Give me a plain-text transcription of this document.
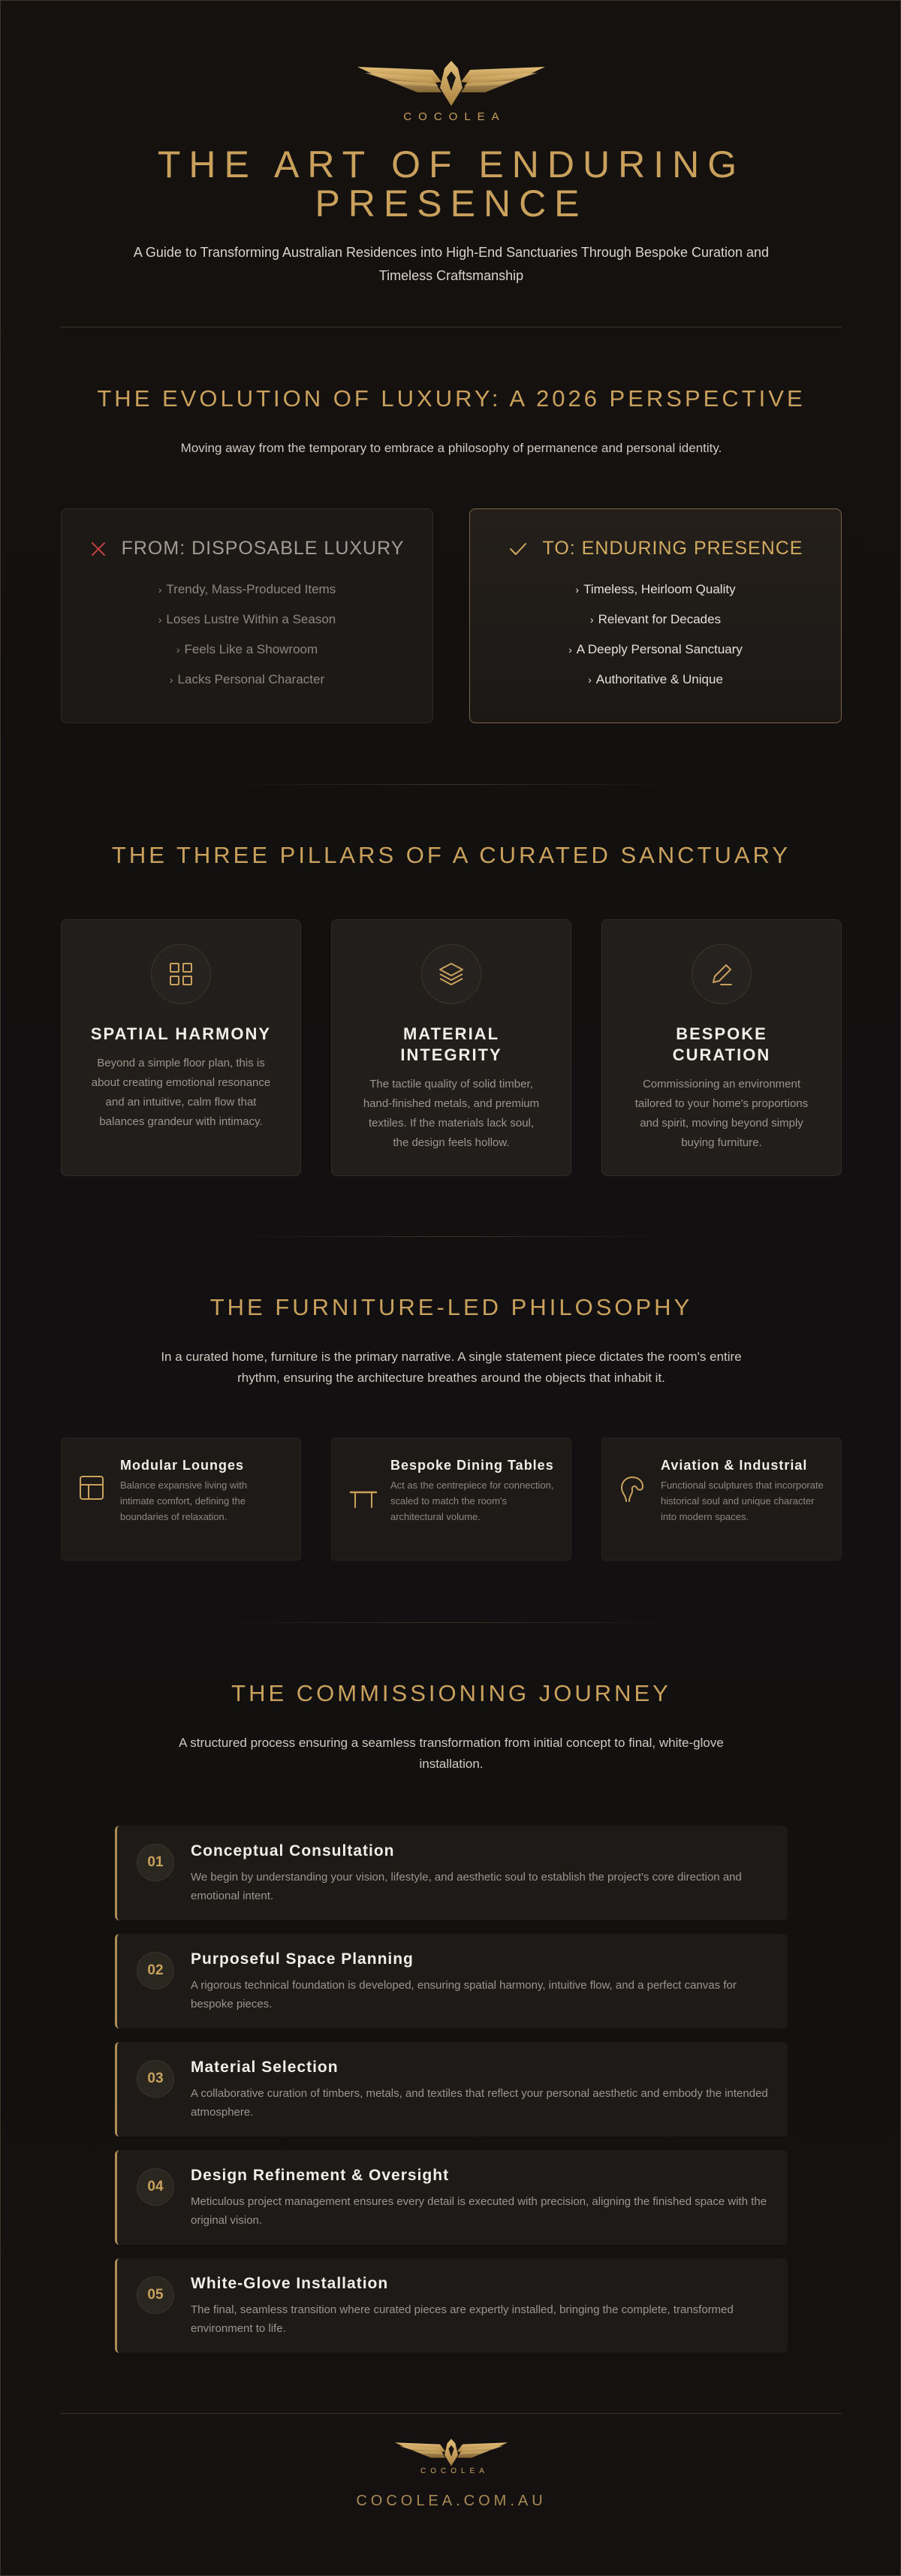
COCOLEA
THE ART OF ENDURING
PRESENCE

A Guide to Transforming Australian Residences into High-End Sanctuaries Through Bespoke Curation and Timeless Craftsmanship

THE EVOLUTION OF LUXURY: A 2026 PERSPECTIVE

Moving away from the temporary to embrace a philosophy of permanence and personal identity.

FROM: DISPOSABLE LUXURY
› Trendy, Mass-Produced Items
› Loses Lustre Within a Season
› Feels Like a Showroom
› Lacks Personal Character
TO: ENDURING PRESENCE
› Timeless, Heirloom Quality
› Relevant for Decades
› A Deeply Personal Sanctuary
› Authoritative & Unique
THE THREE PILLARS OF A CURATED SANCTUARY
SPATIAL HARMONY
Beyond a simple floor plan, this is about creating emotional resonance and an intuitive, calm flow that balances grandeur with intimacy.
MATERIAL INTEGRITY
The tactile quality of solid timber, hand-finished metals, and premium textiles. If the materials lack soul, the design feels hollow.
BESPOKE CURATION
Commissioning an environment tailored to your home's proportions and spirit, moving beyond simply buying furniture.
THE FURNITURE-LED PHILOSOPHY

In a curated home, furniture is the primary narrative. A single statement piece dictates the room's entire rhythm, ensuring the architecture breathes around the objects that inhabit it.

Modular Lounges
Balance expansive living with intimate comfort, defining the boundaries of relaxation.
Bespoke Dining Tables
Act as the centrepiece for connection, scaled to match the room's architectural volume.
Aviation & Industrial
Functional sculptures that incorporate historical soul and unique character into modern spaces.
THE COMMISSIONING JOURNEY

A structured process ensuring a seamless transformation from initial concept to final, white-glove installation.

01
Conceptual Consultation
We begin by understanding your vision, lifestyle, and aesthetic soul to establish the project's core direction and emotional intent.
02
Purposeful Space Planning
A rigorous technical foundation is developed, ensuring spatial harmony, intuitive flow, and a perfect canvas for bespoke pieces.
03
Material Selection
A collaborative curation of timbers, metals, and textiles that reflect your personal aesthetic and embody the intended atmosphere.
04
Design Refinement & Oversight
Meticulous project management ensures every detail is executed with precision, aligning the finished space with the original vision.
05
White-Glove Installation
The final, seamless transition where curated pieces are expertly installed, bringing the complete, transformed environment to life.
COCOLEA
COCOLEA.COM.AU
